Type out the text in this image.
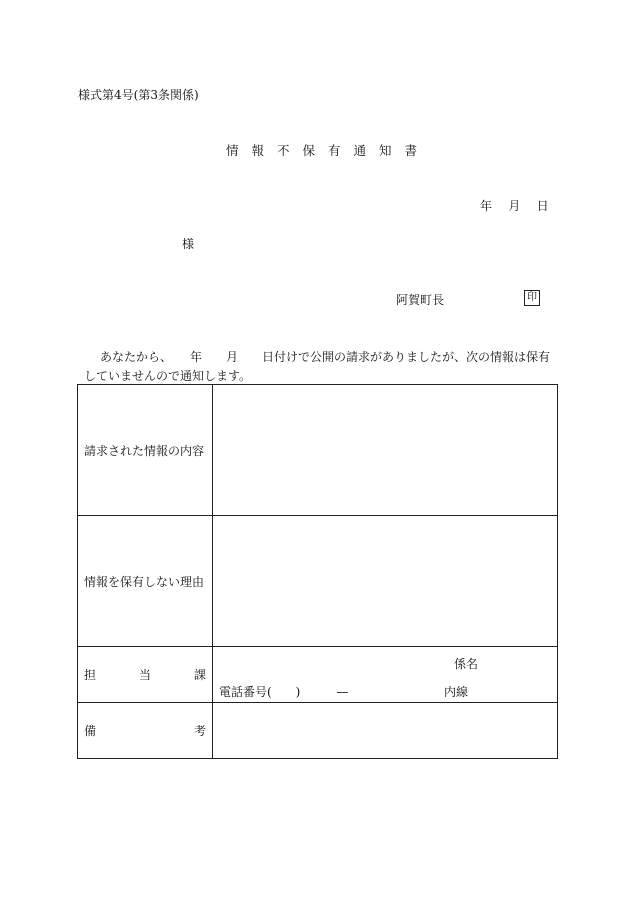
様式第4号(第3条関係)
情　報　不　保　有　通　知　書
年　 月　 日
様
阿賀町長	印
あなたから、　　年　　月　　日付けで公開の請求がありましたが、次の情報は保有
していませんので通知します。
請求された情報の内容	
情報を保有しない理由	

担 当 課	係名
電話番号(　　)　　　— 内線

備 考	
